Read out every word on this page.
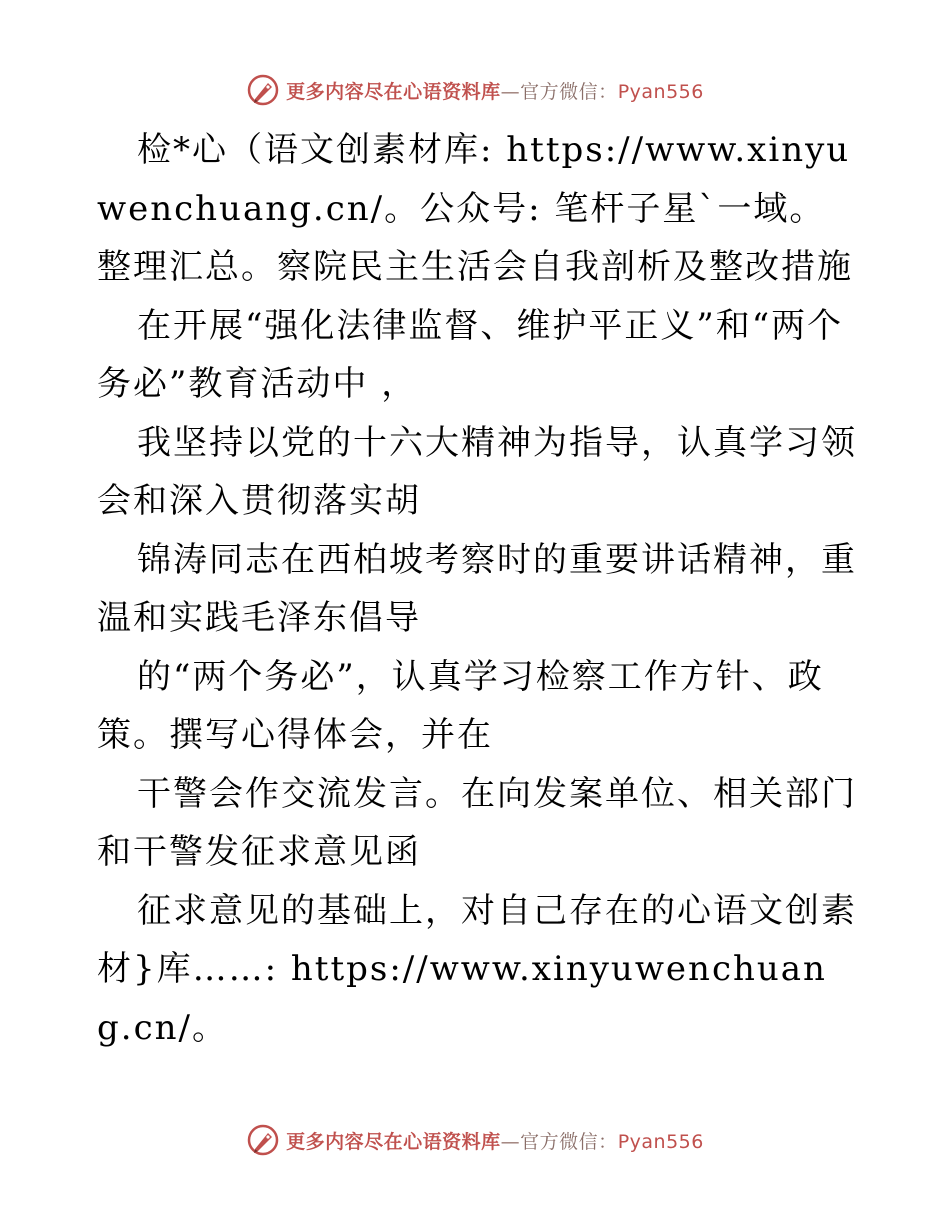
更多内容尽在心语资料库—官方微信：Pyan556

检*心（语文创素材库: https://www.xinyuwenchuang.cn/。公众号: 笔杆子星`一域。整理汇总。察院民主生活会自我剖析及整改措施

在开展“强化法律监督、维护平正义”和“两个务必”教育活动中 ，

我坚持以党的十六大精神为指导，认真学习领会和深入贯彻落实胡

锦涛同志在西柏坡考察时的重要讲话精神，重温和实践毛泽东倡导

的“两个务必”，认真学习检察工作方针、政策。撰写心得体会，并在

干警会作交流发言。在向发案单位、相关部门和干警发征求意见函

征求意见的基础上，对自己存在的心语文创素材}库……: https://www.xinyuwenchuang.cn/。

更多内容尽在心语资料库—官方微信：Pyan556
